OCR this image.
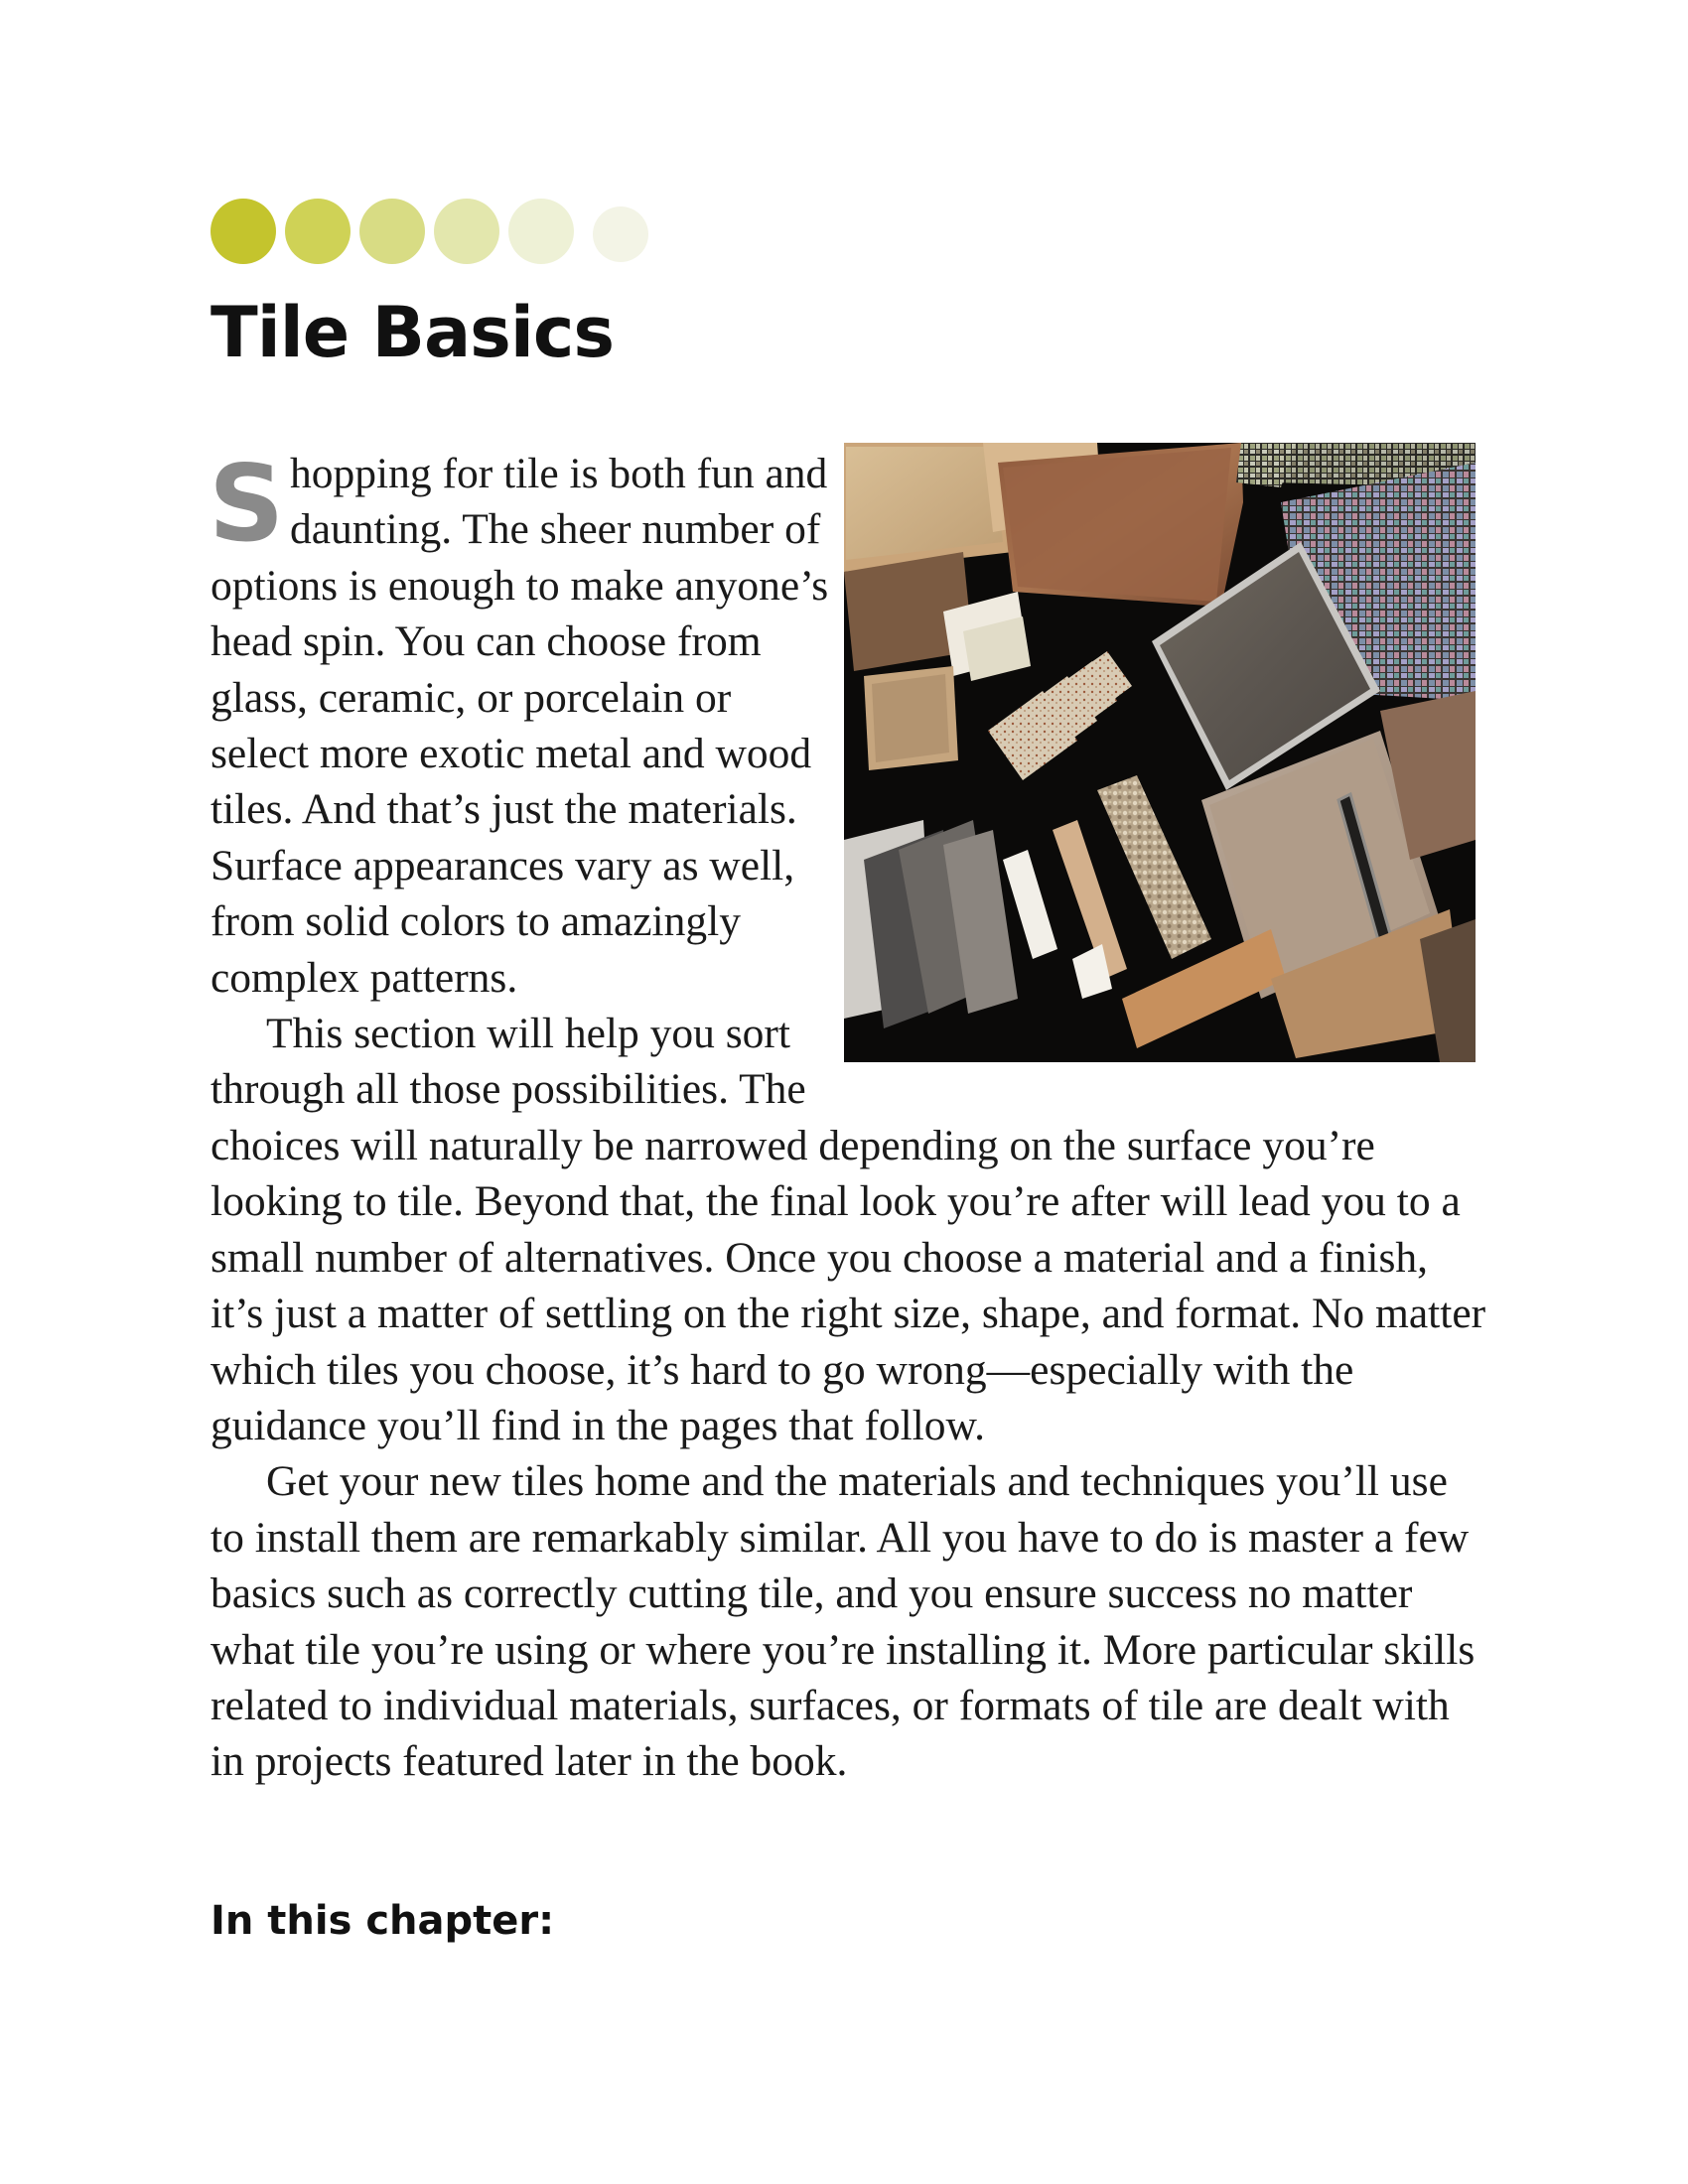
Tile Basics

Shopping for tile is both fun and daunting. The sheer number of options is enough to make anyone’s head spin. You can choose from glass, ceramic, or porcelain or select more exotic metal and wood tiles. And that’s just the materials. Surface appearances vary as well, from solid colors to amazingly complex patterns.

This section will help you sort through all those possibilities. The choices will naturally be narrowed depending on the surface you’re looking to tile. Beyond that, the final look you’re after will lead you to a small number of alternatives. Once you choose a material and a finish, it’s just a matter of settling on the right size, shape, and format. No matter which tiles you choose, it’s hard to go wrong—especially with the guidance you’ll find in the pages that follow.

Get your new tiles home and the materials and techniques you’ll use to install them are remarkably similar. All you have to do is master a few basics such as correctly cutting tile, and you ensure success no matter what tile you’re using or where you’re installing it. More particular skills related to individual materials, surfaces, or formats of tile are dealt with in projects featured later in the book.

In this chapter:
